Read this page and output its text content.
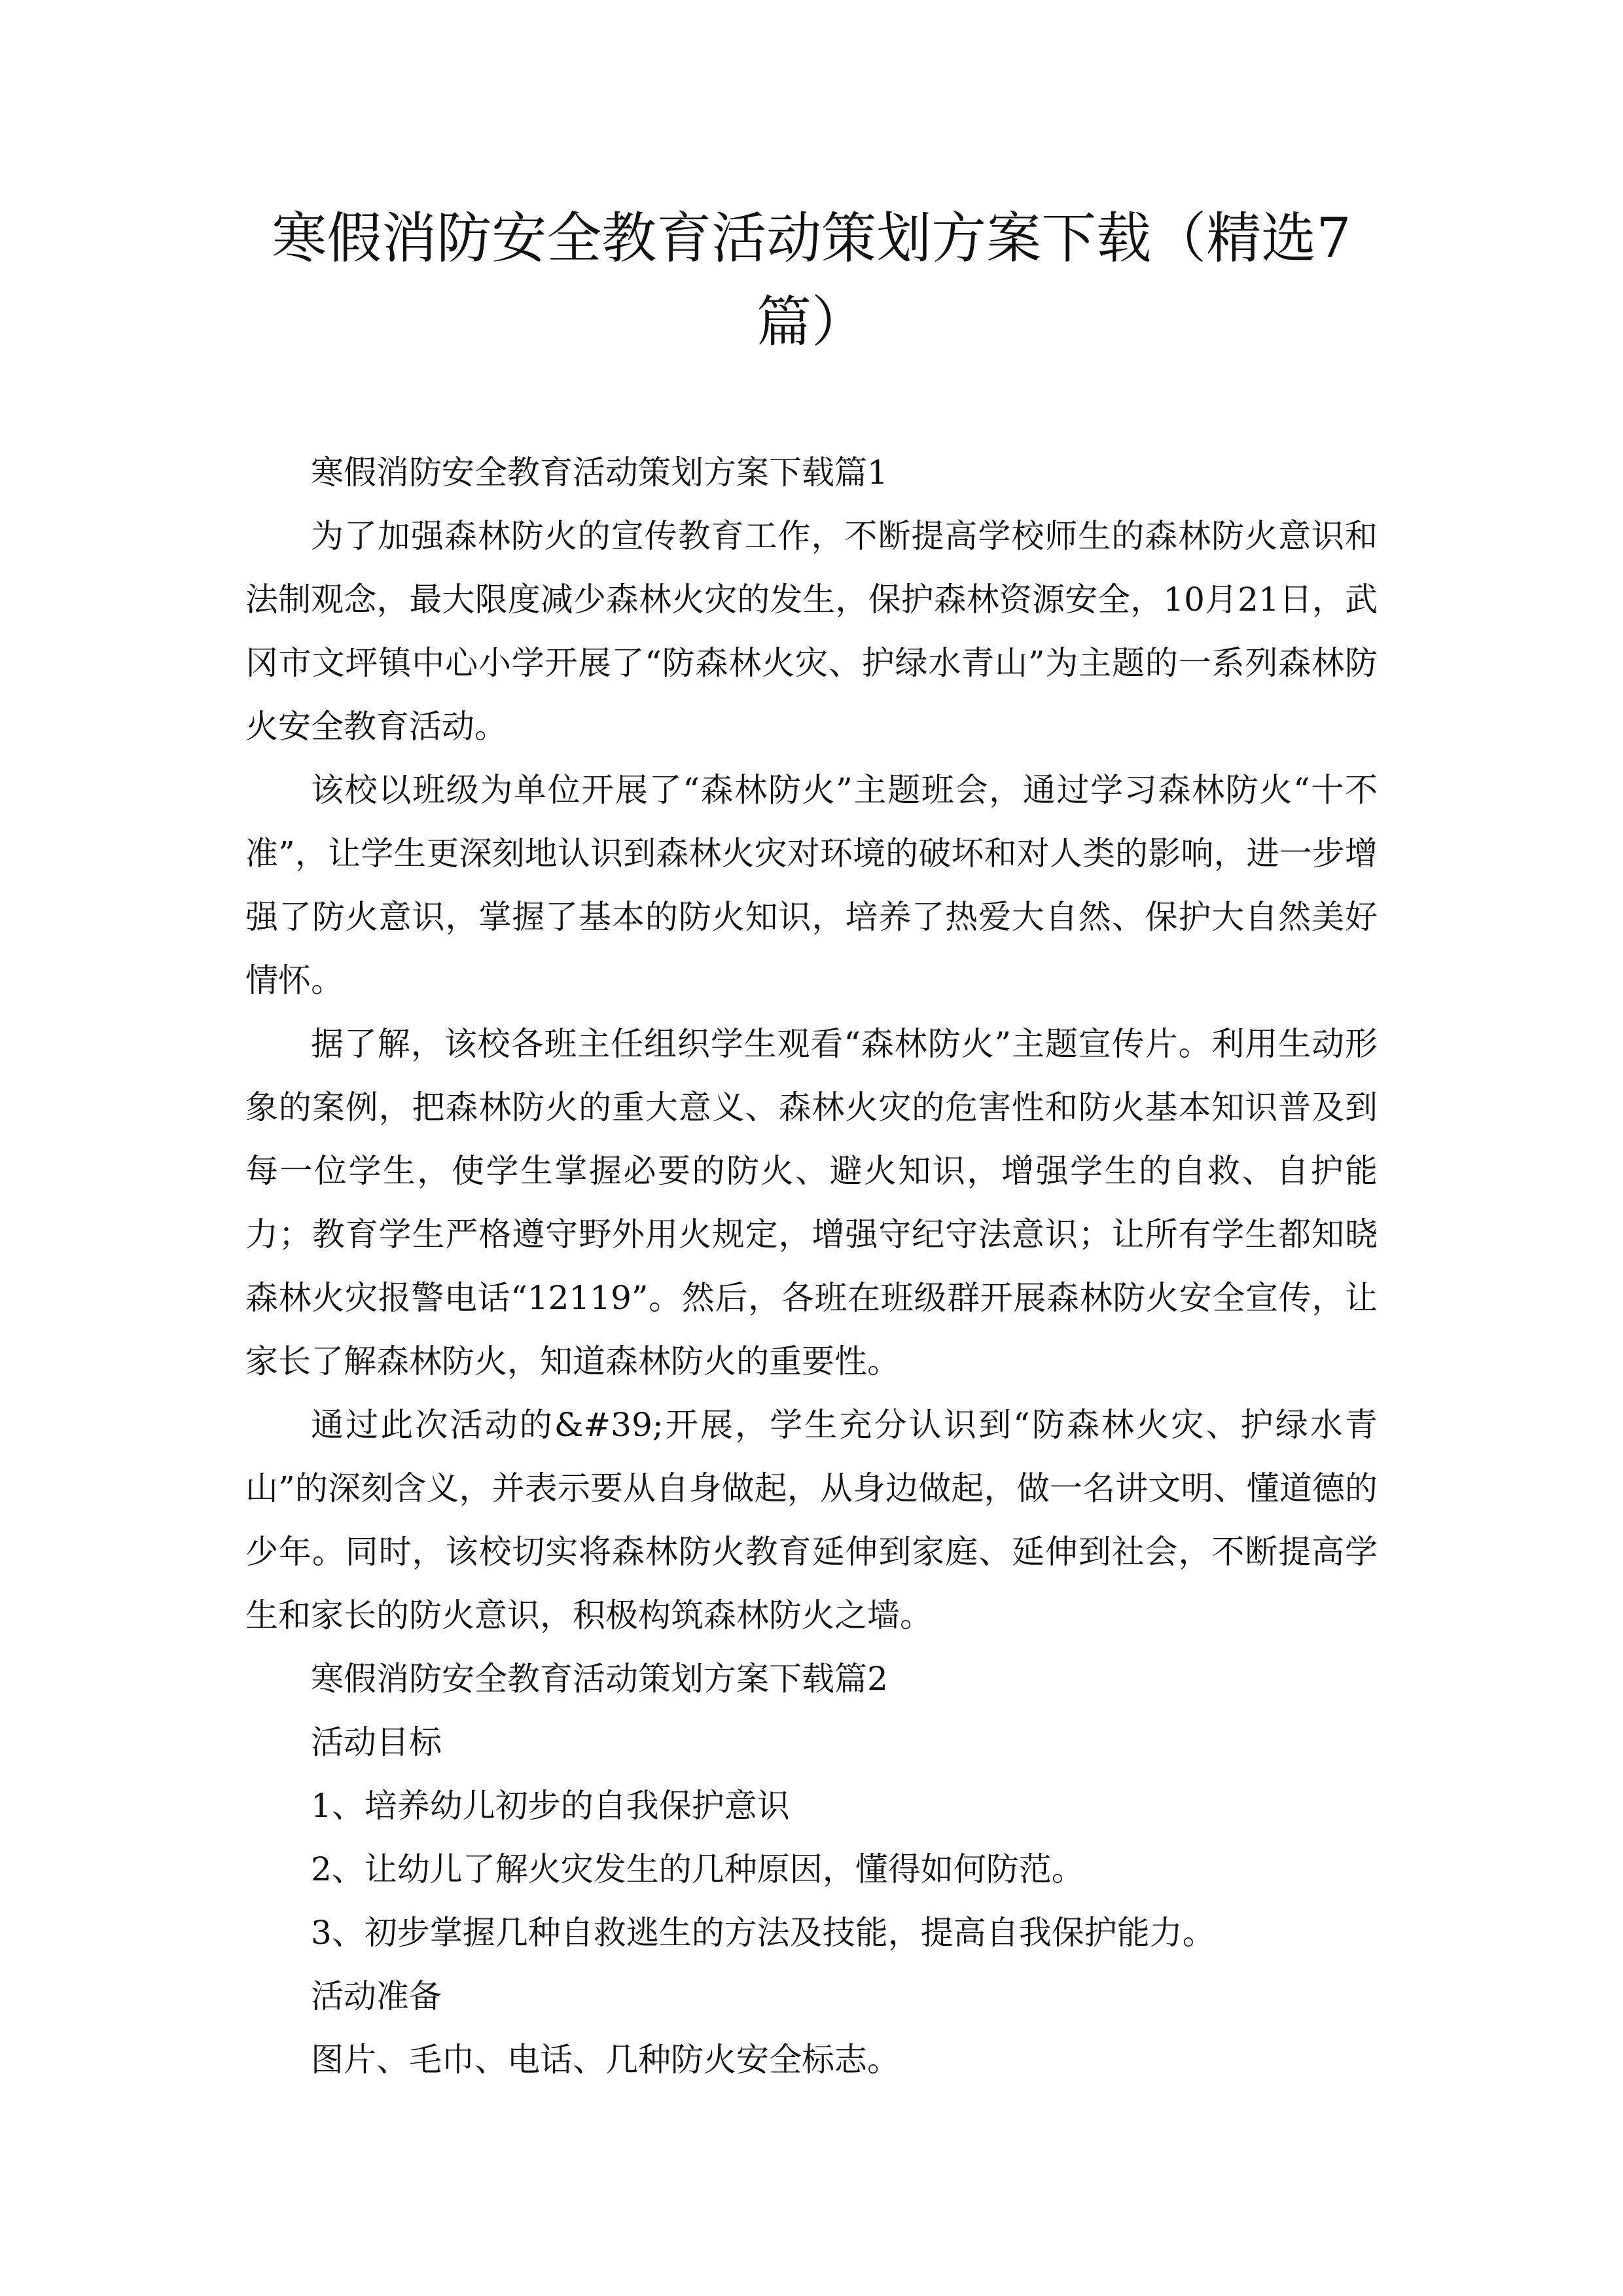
寒假消防安全教育活动策划方案下载（精选7篇）

寒假消防安全教育活动策划方案下载篇1

为了加强森林防火的宣传教育工作，不断提高学校师生的森林防火意识和法制观念，最大限度减少森林火灾的发生，保护森林资源安全，10月21日，武冈市文坪镇中心小学开展了“防森林火灾、护绿水青山”为主题的一系列森林防火安全教育活动。

该校以班级为单位开展了“森林防火”主题班会，通过学习森林防火“十不准”，让学生更深刻地认识到森林火灾对环境的破坏和对人类的影响，进一步增强了防火意识，掌握了基本的防火知识，培养了热爱大自然、保护大自然美好情怀。

据了解，该校各班主任组织学生观看“森林防火”主题宣传片。利用生动形象的案例，把森林防火的重大意义、森林火灾的危害性和防火基本知识普及到每一位学生，使学生掌握必要的防火、避火知识，增强学生的自救、自护能力；教育学生严格遵守野外用火规定，增强守纪守法意识；让所有学生都知晓森林火灾报警电话“12119”。然后，各班在班级群开展森林防火安全宣传，让家长了解森林防火，知道森林防火的重要性。

通过此次活动的&#39;开展，学生充分认识到“防森林火灾、护绿水青山”的深刻含义，并表示要从自身做起，从身边做起，做一名讲文明、懂道德的少年。同时，该校切实将森林防火教育延伸到家庭、延伸到社会，不断提高学生和家长的防火意识，积极构筑森林防火之墙。

寒假消防安全教育活动策划方案下载篇2

活动目标

1、培养幼儿初步的自我保护意识

2、让幼儿了解火灾发生的几种原因，懂得如何防范。

3、初步掌握几种自救逃生的方法及技能，提高自我保护能力。

活动准备

图片、毛巾、电话、几种防火安全标志。
